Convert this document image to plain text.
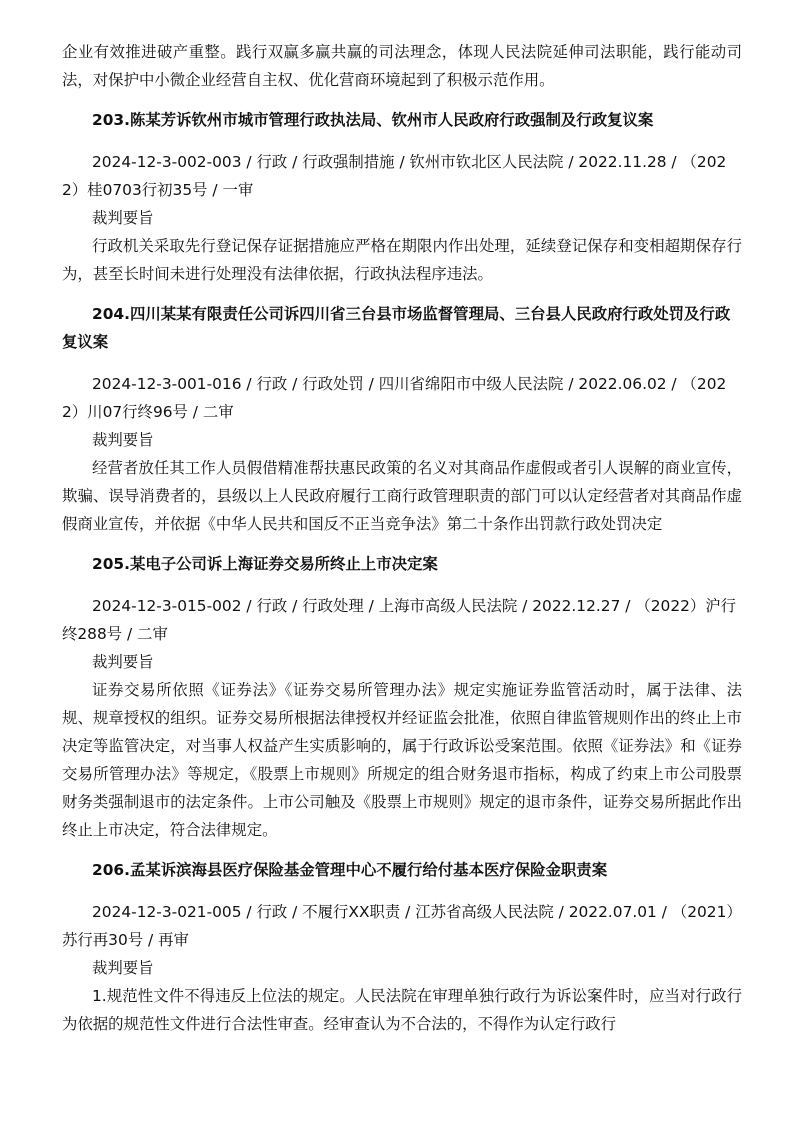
企业有效推进破产重整。践行双赢多赢共赢的司法理念，体现人民法院延伸司法职能，践行能动司法，对保护中小微企业经营自主权、优化营商环境起到了积极示范作用。

203.陈某芳诉钦州市城市管理行政执法局、钦州市人民政府行政强制及行政复议案

2024-12-3-002-003 / 行政 / 行政强制措施 / 钦州市钦北区人民法院 / 2022.11.28 / （2022）桂0703行初35号 / 一审

裁判要旨

行政机关采取先行登记保存证据措施应严格在期限内作出处理，延续登记保存和变相超期保存行为，甚至长时间未进行处理没有法律依据，行政执法程序违法。

204.四川某某有限责任公司诉四川省三台县市场监督管理局、三台县人民政府行政处罚及行政复议案

2024-12-3-001-016 / 行政 / 行政处罚 / 四川省绵阳市中级人民法院 / 2022.06.02 / （2022）川07行终96号 / 二审

裁判要旨

经营者放任其工作人员假借精准帮扶惠民政策的名义对其商品作虚假或者引人误解的商业宣传，欺骗、误导消费者的，县级以上人民政府履行工商行政管理职责的部门可以认定经营者对其商品作虚假商业宣传，并依据《中华人民共和国反不正当竞争法》第二十条作出罚款行政处罚决定

205.某电子公司诉上海证券交易所终止上市决定案

2024-12-3-015-002 / 行政 / 行政处理 / 上海市高级人民法院 / 2022.12.27 / （2022）沪行终288号 / 二审

裁判要旨

证券交易所依照《证券法》《证券交易所管理办法》规定实施证券监管活动时，属于法律、法规、规章授权的组织。证券交易所根据法律授权并经证监会批准，依照自律监管规则作出的终止上市决定等监管决定，对当事人权益产生实质影响的，属于行政诉讼受案范围。依照《证券法》和《证券交易所管理办法》等规定，《股票上市规则》所规定的组合财务退市指标，构成了约束上市公司股票财务类强制退市的法定条件。上市公司触及《股票上市规则》规定的退市条件，证券交易所据此作出终止上市决定，符合法律规定。

206.孟某诉滨海县医疗保险基金管理中心不履行给付基本医疗保险金职责案

2024-12-3-021-005 / 行政 / 不履行XX职责 / 江苏省高级人民法院 / 2022.07.01 / （2021）苏行再30号 / 再审

裁判要旨

1.规范性文件不得违反上位法的规定。人民法院在审理单独行政行为诉讼案件时，应当对行政行为依据的规范性文件进行合法性审查。经审查认为不合法的，不得作为认定行政行
